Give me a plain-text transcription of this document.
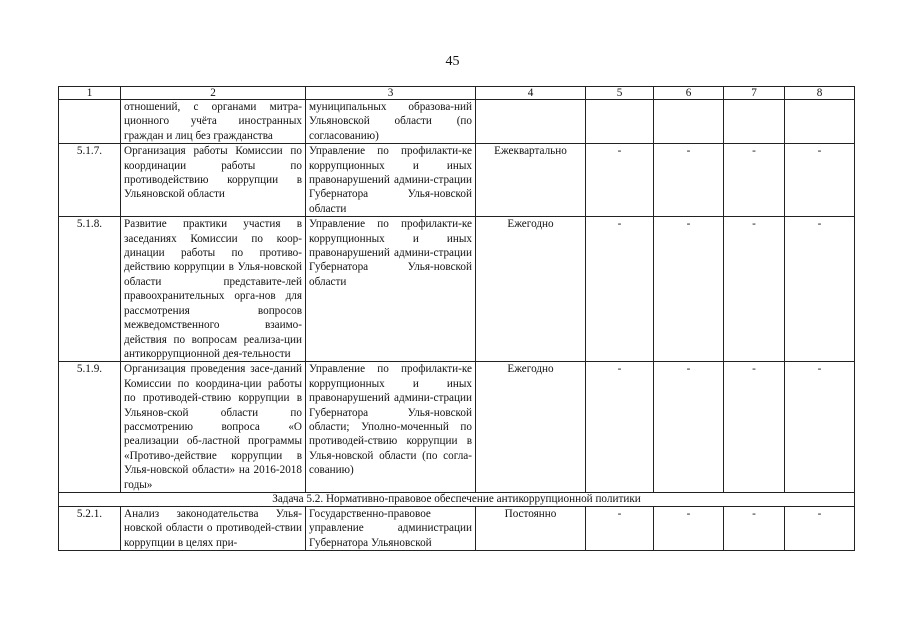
45
1	2	3	4	5	6	7	8
	отношений, с органами митра-ционного учёта иностранных граждан и лиц без гражданства	муниципальных образова-ний Ульяновской области (по согласованию)					
5.1.7.	Организация работы Комиссии по координации работы по противодействию коррупции в Ульяновской области	Управление по профилакти-ке коррупционных и иных правонарушений админи-страции Губернатора Улья-новской области	Ежеквартально	-	-	-	-
5.1.8.	Развитие практики участия в заседаниях Комиссии по коор-динации работы по противо-действию коррупции в Улья-новской области представите-лей правоохранительных орга-нов для рассмотрения вопросов межведомственного взаимо-действия по вопросам реализа-ции антикоррупционной дея-тельности	Управление по профилакти-ке коррупционных и иных правонарушений админи-страции Губернатора Улья-новской области	Ежегодно	-	-	-	-
5.1.9.	Организация проведения засе-даний Комиссии по координа-ции работы по противодей-ствию коррупции в Ульянов-ской области по рассмотрению вопроса «О реализации об-ластной программы «Противо-действие коррупции в Улья-новской области» на 2016-2018 годы»	Управление по профилакти-ке коррупционных и иных правонарушений админи-страции Губернатора Улья-новской области; Уполно-моченный по противодей-ствию коррупции в Улья-новской области (по согла-сованию)	Ежегодно	-	-	-	-
Задача 5.2. Нормативно-правовое обеспечение антикоррупционной политики							
5.2.1.	Анализ законодательства Улья-новской области о противодей-ствии коррупции в целях при-	Государственно-правовое управление администрации Губернатора Ульяновской	Постоянно	-	-	-	-
